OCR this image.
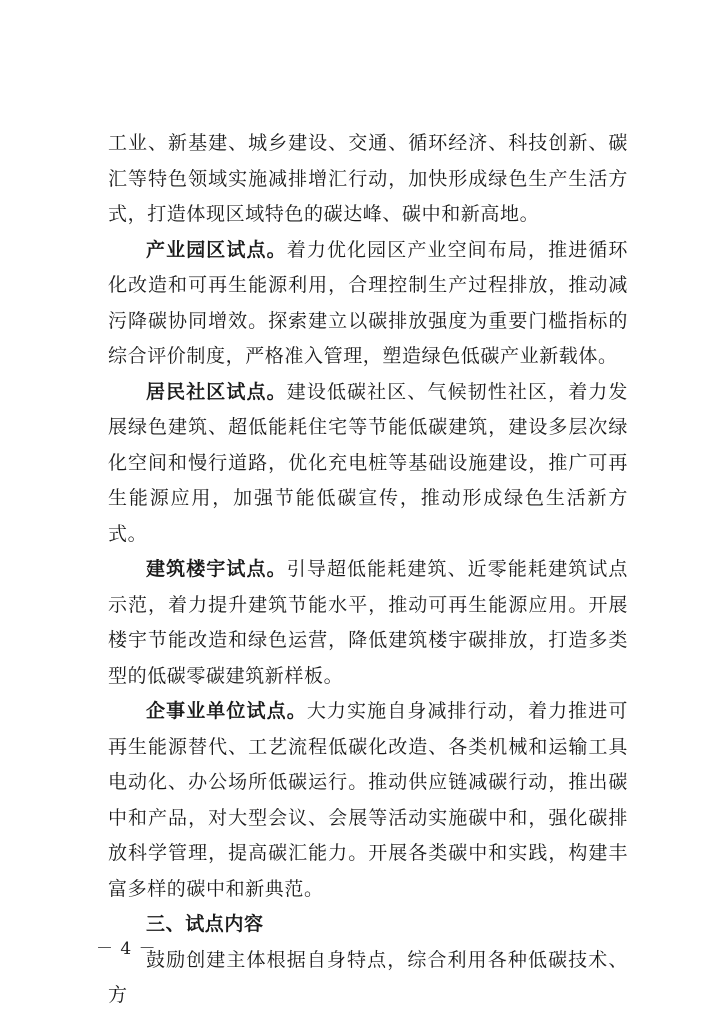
工业、新基建、城乡建设、交通、循环经济、科技创新、碳汇等特色领域实施减排增汇行动，加快形成绿色生产生活方式，打造体现区域特色的碳达峰、碳中和新高地。

产业园区试点。着力优化园区产业空间布局，推进循环化改造和可再生能源利用，合理控制生产过程排放，推动减污降碳协同增效。探索建立以碳排放强度为重要门槛指标的综合评价制度，严格准入管理，塑造绿色低碳产业新载体。

居民社区试点。建设低碳社区、气候韧性社区，着力发展绿色建筑、超低能耗住宅等节能低碳建筑，建设多层次绿化空间和慢行道路，优化充电桩等基础设施建设，推广可再生能源应用，加强节能低碳宣传，推动形成绿色生活新方式。

建筑楼宇试点。引导超低能耗建筑、近零能耗建筑试点示范，着力提升建筑节能水平，推动可再生能源应用。开展楼宇节能改造和绿色运营，降低建筑楼宇碳排放，打造多类型的低碳零碳建筑新样板。

企事业单位试点。大力实施自身减排行动，着力推进可再生能源替代、工艺流程低碳化改造、各类机械和运输工具电动化、办公场所低碳运行。推动供应链减碳行动，推出碳中和产品，对大型会议、会展等活动实施碳中和，强化碳排放科学管理，提高碳汇能力。开展各类碳中和实践，构建丰富多样的碳中和新典范。

三、试点内容

鼓励创建主体根据自身特点，综合利用各种低碳技术、方

－ 4 －
